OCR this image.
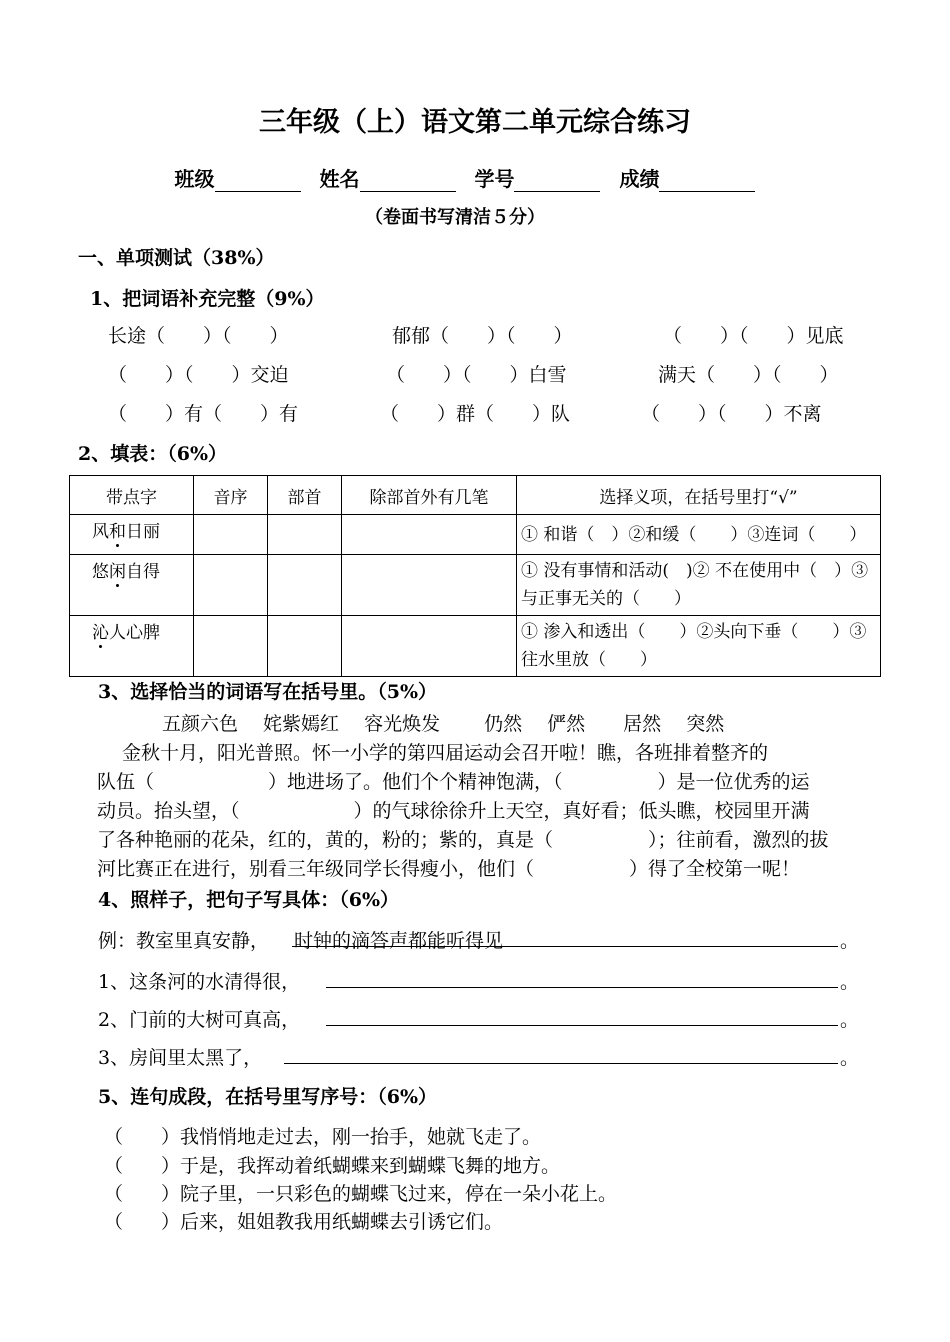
三年级（上）语文第二单元综合练习
班级	姓名	学号	成绩
（卷面书写清洁５分）
一、单项测试（38%）
1、把词语补充完整（9%）
长途（　　）（　　）	郁郁（　　）（　　）	（　　）（　　）见底
（　　）（　　）交迫	（　　）（　　）白雪	满天（　　）（　　）
（　　）有（　　）有	（　　）群（　　）队	（　　）（　　）不离
2、填表：（6%）
带点字	音序	部首	除部首外有几笔	选择义项，在括号里打“√”
风和日丽				① 和谐（　）②和缓（　　）③连词（　　）
悠闲自得				① 没有事情和活动(　)② 不在使用中（　）③与正事无关的（　　）
沁人心脾				① 渗入和透出（　　）②头向下垂（　　）③往水里放（　　）
3、选择恰当的词语写在括号里。（5%）
五颜六色　 姹紫嫣红　 容光焕发　　 仍然　 俨然　　居然　 突然
　 金秋十月，阳光普照。怀一小学的第四届运动会召开啦！瞧，各班排着整齐的
队伍（　　　　　　）地进场了。他们个个精神饱满，（　　　　　）是一位优秀的运
动员。抬头望，（　　　　　　）的气球徐徐升上天空，真好看；低头瞧，校园里开满
了各种艳丽的花朵，红的，黄的，粉的；紫的，真是（　　　　　）；往前看，激烈的拔
河比赛正在进行，别看三年级同学长得瘦小，他们（　　　　　）得了全校第一呢！
4、照样子，把句子写具体：（6%）
例：教室里真安静， 时钟的滴答声都能听得见	。
1、这条河的水清得很，	。
2、门前的大树可真高，	。
3、房间里太黑了，	。
5、连句成段，在括号里写序号：（6%）
（　　）我悄悄地走过去，刚一抬手，她就飞走了。
（　　）于是，我挥动着纸蝴蝶来到蝴蝶飞舞的地方。
（　　）院子里，一只彩色的蝴蝶飞过来，停在一朵小花上。
（　　）后来，姐姐教我用纸蝴蝶去引诱它们。
